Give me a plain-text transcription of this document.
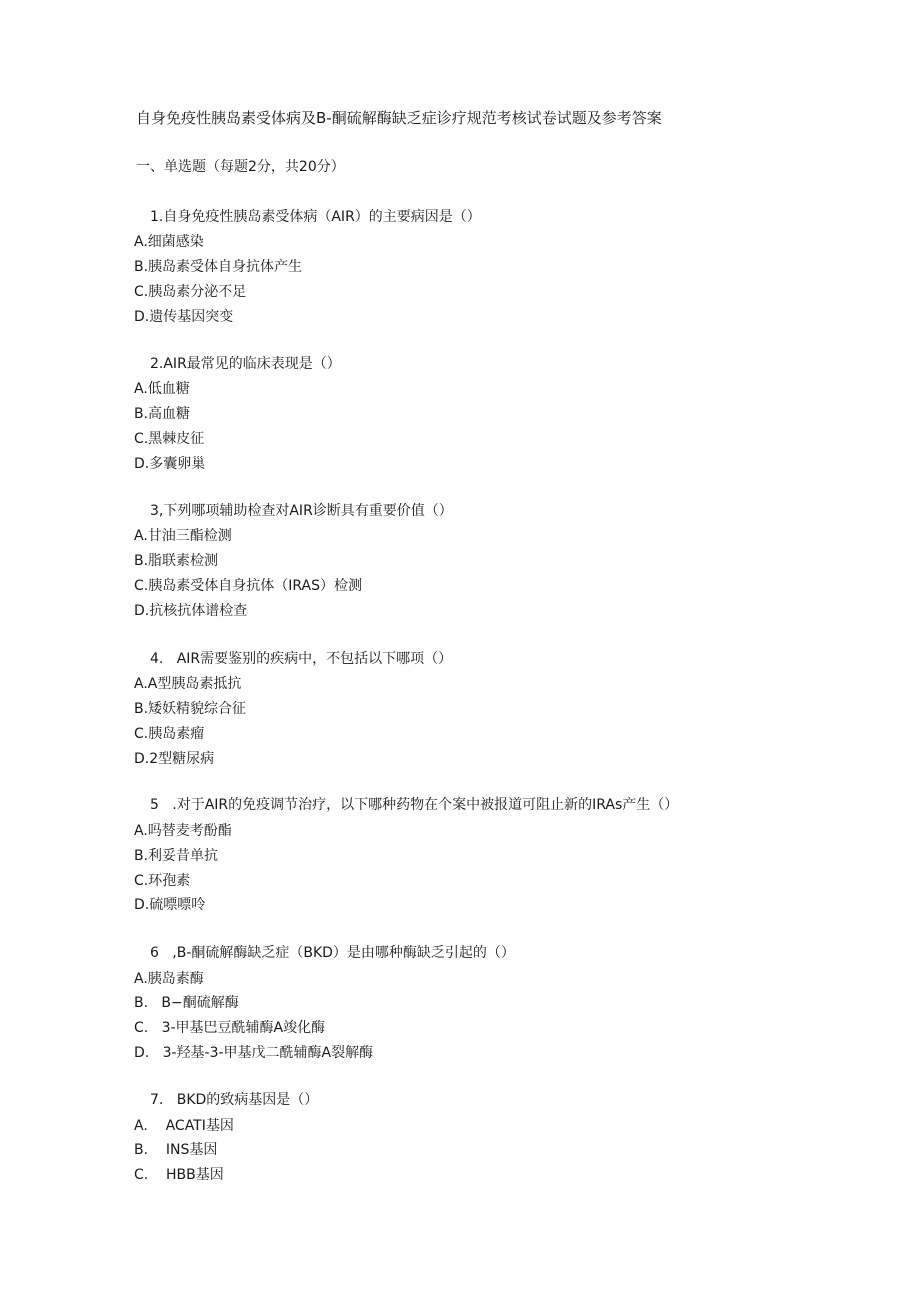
自身免疫性胰岛素受体病及B-酮硫解酶缺乏症诊疗规范考核试卷试题及参考答案
一、单选题（每题2分，共20分）
1.自身免疫性胰岛素受体病（AIR）的主要病因是（）
A.细菌感染
B.胰岛素受体自身抗体产生
C.胰岛素分泌不足
D.遗传基因突变
2.AIR最常见的临床表现是（）
A.低血糖
B.高血糖
C.黑棘皮征
D.多囊卵巢
3,下列哪项辅助检查对AIR诊断具有重要价值（）
A.甘油三酯检测
B.脂联素检测
C.胰岛素受体自身抗体（IRAS）检测
D.抗核抗体谱检查
4.   AIR需要鉴别的疾病中，不包括以下哪项（）
A.A型胰岛素抵抗
B.矮妖精貌综合征
C.胰岛素瘤
D.2型糖尿病
5   .对于AIR的免疫调节治疗，以下哪种药物在个案中被报道可阻止新的IRAs产生（）
A.吗替麦考酚酯
B.利妥昔单抗
C.环孢素
D.硫嘌嘌呤
6   ,B-酮硫解酶缺乏症（BKD）是由哪种酶缺乏引起的（）
A.胰岛素酶
B.   B−酮硫解酶
C.   3-甲基巴豆酰辅酶A竣化酶
D.   3-羟基-3-甲基戊二酰辅酶A裂解酶
7.   BKD的致病基因是（）
A.    ACATI基因
B.    INS基因
C.    HBB基因
